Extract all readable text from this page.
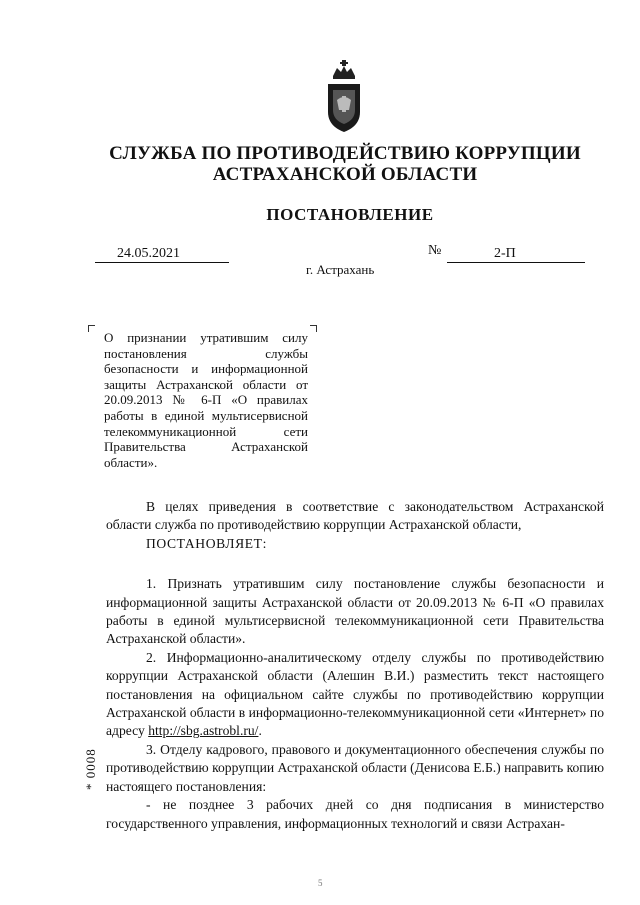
СЛУЖБА ПО ПРОТИВОДЕЙСТВИЮ КОРРУПЦИИ
АСТРАХАНСКОЙ ОБЛАСТИ
ПОСТАНОВЛЕНИЕ
24.05.2021	№	2-П
г. Астрахань
О признании утратившим силу постановления службы безопасности и информационной защиты Астраханской области от 20.09.2013 № 6-П «О правилах работы в единой мультисервисной телекоммуникационной сети Правительства Астраханской области».

В целях приведения в соответствие с законодательством Астраханской области служба по противодействию коррупции Астраханской области,

ПОСТАНОВЛЯЕТ:

1. Признать утратившим силу постановление службы безопасности и информационной защиты Астраханской области от 20.09.2013 № 6-П «О правилах работы в единой мультисервисной телекоммуникационной сети Правительства Астраханской области».

2. Информационно-аналитическому отделу службы по противодействию коррупции Астраханской области (Алешин В.И.) разместить текст настоящего постановления на официальном сайте службы по противодействию коррупции Астраханской области в информационно-телекоммуникационной сети «Интернет» по адресу http://sbg.astrobl.ru/.

3. Отделу кадрового, правового и документационного обеспечения службы по противодействию коррупции Астраханской области (Денисова Е.Б.) направить копию настоящего постановления:

- не позднее 3 рабочих дней со дня подписания в министерство государственного управления, информационных технологий и связи Астрахан-

* 0008
5
